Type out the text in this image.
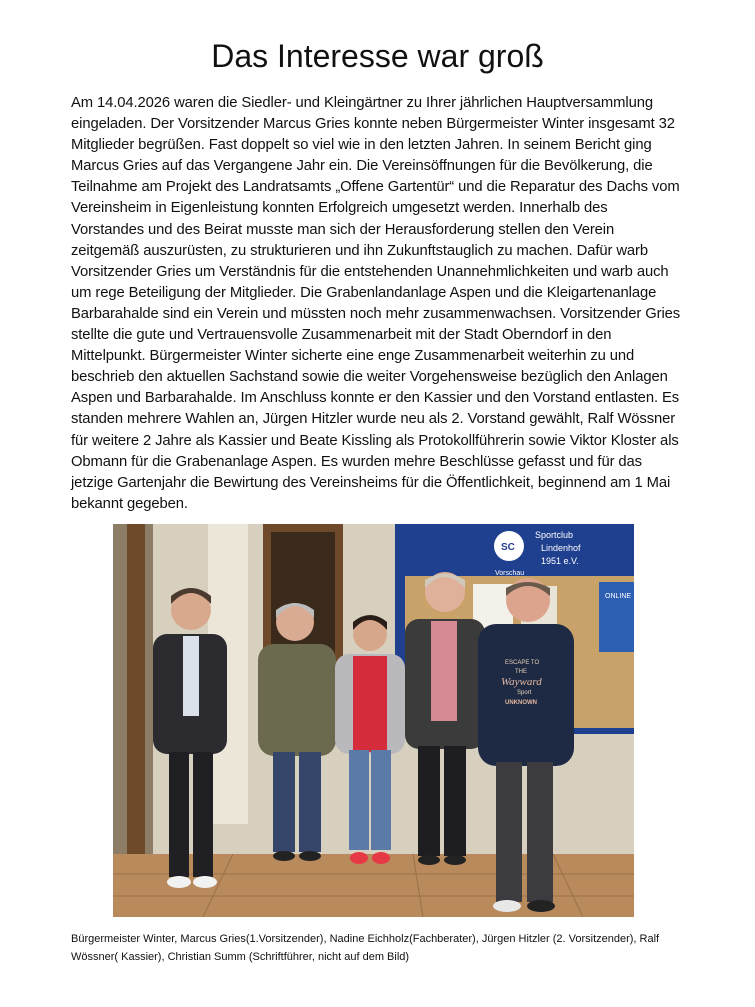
Das Interesse war groß

Am 14.04.2026 waren die Siedler- und Kleingärtner zu Ihrer jährlichen Hauptversammlung eingeladen. Der Vorsitzender Marcus Gries konnte neben Bürgermeister Winter insgesamt 32 Mitglieder begrüßen. Fast doppelt so viel wie in den letzten Jahren. In seinem Bericht ging Marcus Gries auf das Vergangene Jahr ein. Die Vereinsöffnungen für die Bevölkerung, die Teilnahme am Projekt des Landratsamts „Offene Gartentür“ und die Reparatur des Dachs vom Vereinsheim in Eigenleistung konnten Erfolgreich umgesetzt werden. Innerhalb des Vorstandes und des Beirat musste man sich der Herausforderung stellen den Verein zeitgemäß auszurüsten, zu strukturieren und ihn Zukunftstauglich zu machen. Dafür warb Vorsitzender Gries um Verständnis für die entstehenden Unannehmlichkeiten und warb auch um rege Beteiligung der Mitglieder. Die Grabenlandanlage Aspen und die Kleigartenanlage Barbarahalde sind ein Verein und müssten noch mehr zusammenwachsen. Vorsitzender Gries stellte die gute und Vertrauensvolle Zusammenarbeit mit der Stadt Oberndorf in den Mittelpunkt. Bürgermeister Winter sicherte eine enge Zusammenarbeit weiterhin zu und beschrieb den aktuellen Sachstand sowie die weiter Vorgehensweise bezüglich den Anlagen Aspen und Barbarahalde. Im Anschluss konnte er den Kassier und den Vorstand entlasten. Es standen mehrere Wahlen an, Jürgen Hitzler wurde neu als 2. Vorstand gewählt, Ralf Wössner für weitere 2 Jahre als Kassier und Beate Kissling als Protokollführerin sowie Viktor Kloster als Obmann für die Grabenanlage Aspen. Es wurden mehre Beschlüsse gefasst und für das jetzige Gartenjahr die Bewirtung des Vereinsheims für die Öffentlichkeit, beginnend am 1 Mai bekannt gegeben.

ONLINE
SC
Sportclub
Lindenhof
1951 e.V.
Vorschau
ESCAPE TO
THE
Wayward
Sport
UNKNOWN

Bürgermeister Winter, Marcus Gries(1.Vorsitzender), Nadine Eichholz(Fachberater), Jürgen Hitzler (2. Vorsitzender), Ralf Wössner( Kassier), Christian Summ (Schriftführer, nicht auf dem Bild)
